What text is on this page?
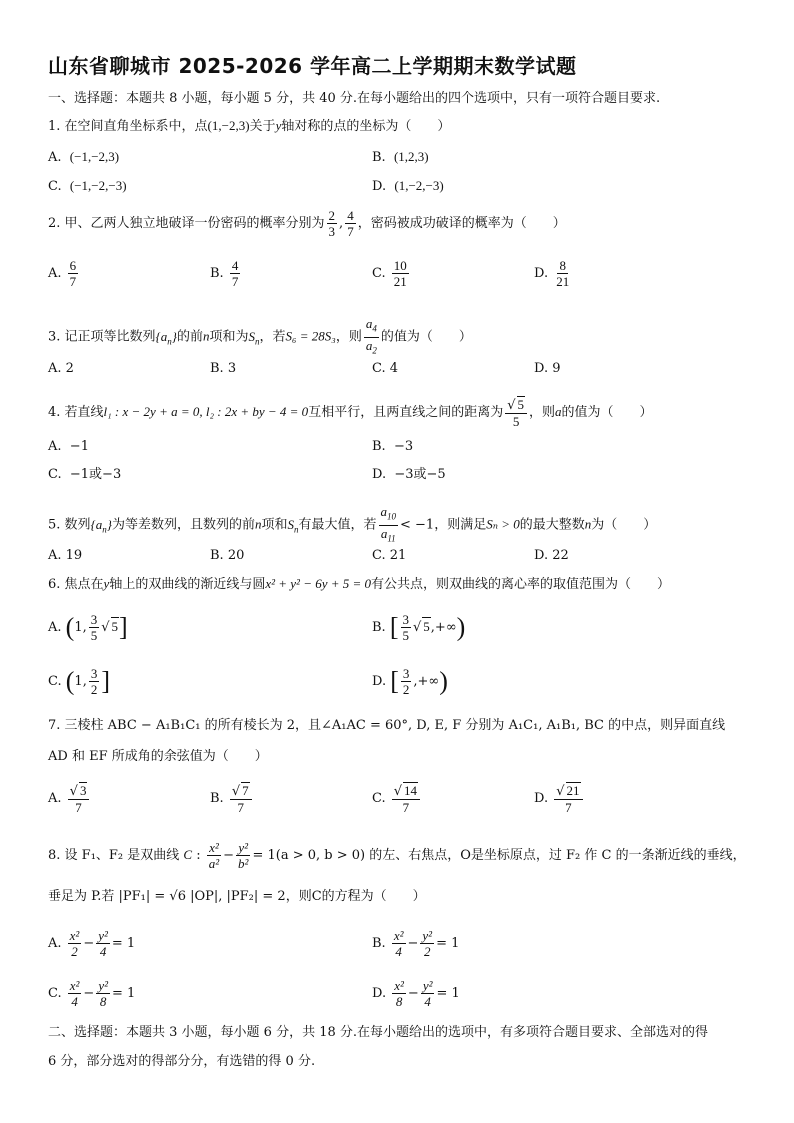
山东省聊城市 2025-2026 学年高二上学期期末数学试题
一、选择题：本题共 8 小题，每小题 5 分，共 40 分.在每小题给出的四个选项中，只有一项符合题目要求.
1. 在空间直角坐标系中，点(1,−2,3)关于y轴对称的点的坐标为（　　）
A.  (−1,−2,3)	B.  (1,2,3)
C.  (−1,−2,−3)	D.  (1,−2,−3)
2. 甲、乙两人独立地破译一份密码的概率分别为 $\frac{2}{3}$ , $\frac{4}{7}$ ，密码被成功破译的概率为（　　）
A. $\frac{6}{7}$	B. $\frac{4}{7}$	C. $\frac{10}{21}$	D. $\frac{8}{21}$
3. 记正项等比数列$\{a_n\}$的前n项和为$S_n$，若S₆ = 28S₃，则 $\frac{a_4}{a_2}$ 的值为（　　）
A. 2	B. 3	C. 4	D. 9
4. 若直线l₁ : x − 2y + a = 0, l₂ : 2x + by − 4 = 0互相平行，且两直线之间的距离为 $\frac{√ 5}{5}$ ，则a的值为（　　）
A.  −1	B.  −3
C.  −1或−3	D.  −3或−5
5. 数列$\{a_n\}$为等差数列，且数列的前n项和$S_n$有最大值，若 $\frac{a_{10}}{a_{11}} < -1$，则满足Sₙ > 0的最大整数n为（　　）
A. 19	B. 20	C. 21	D. 22
6. 焦点在y轴上的双曲线的渐近线与圆x² + y² − 6y + 5 = 0有公共点，则双曲线的离心率的取值范围为（　　）
A. (1, $\frac{3}{5}$ √ 5]	B. [ $\frac{3}{5}$ √ 5,+∞)
C. (1, $\frac{3}{2}$ ]	D. [ $\frac{3}{2}$ ,+∞)
7. 三棱柱 ABC − A₁B₁C₁ 的所有棱长为 2，且∠A₁AC = 60°, D, E, F 分别为 A₁C₁, A₁B₁, BC 的中点，则异面直线
AD 和 EF 所成角的余弦值为（　　）
A. $\frac{√ 3}{7}$	B. $\frac{√ 7}{7}$	C. $\frac{√ 14}{7}$	D. $\frac{√ 21}{7}$
8. 设 F₁、F₂ 是双曲线 C : $\frac{\text{x²}}{\text{a²}} - \frac{\text{y²}}{\text{b²}} = 1(a > 0$, b > 0) 的左、右焦点，O是坐标原点，过 F₂ 作 C 的一条渐近线的垂线，
垂足为 P.若 |PF₁| = √6 |OP|, |PF₂| = 2，则C的方程为（　　）
A. $\frac{\text{x²}}{2} - \frac{\text{y²}}{4} = 1$	B. $\frac{\text{x²}}{4} - \frac{\text{y²}}{2} = 1$
C. $\frac{\text{x²}}{4} - \frac{\text{y²}}{8} = 1$	D. $\frac{\text{x²}}{8} - \frac{\text{y²}}{4} = 1$
二、选择题：本题共 3 小题，每小题 6 分，共 18 分.在每小题给出的选项中，有多项符合题目要求、全部选对的得
6 分，部分选对的得部分分，有选错的得 0 分.
